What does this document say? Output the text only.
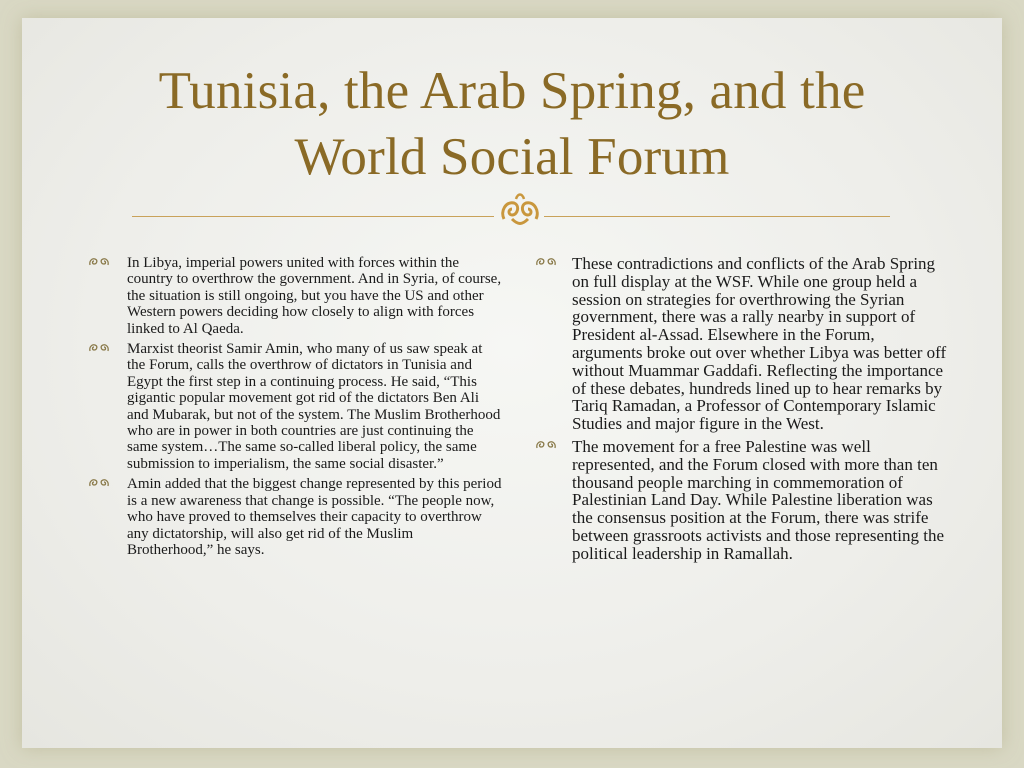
Tunisia, the Arab Spring, and the
World Social Forum
In Libya, imperial powers united with forces within the country to overthrow the government. And in Syria, of course, the situation is still ongoing, but you have the US and other Western powers deciding how closely to align with forces linked to Al Qaeda.
Marxist theorist Samir Amin, who many of us saw speak at the Forum, calls the overthrow of dictators in Tunisia and Egypt the first step in a continuing process. He said, “This gigantic popular movement got rid of the dictators Ben Ali and Mubarak, but not of the system. The Muslim Brotherhood who are in power in both countries are just continuing the same system…The same so-called liberal policy, the same submission to imperialism, the same social disaster.”
Amin added that the biggest change represented by this period is a new awareness that change is possible. “The people now, who have proved to themselves their capacity to overthrow any dictatorship, will also get rid of the Muslim Brotherhood,” he says.
These contradictions and conflicts of the Arab Spring on full display at the WSF. While one group held a session on strategies for overthrowing the Syrian government, there was a rally nearby in support of President al-Assad. Elsewhere in the Forum, arguments broke out over whether Libya was better off without Muammar Gaddafi. Reflecting the importance of these debates, hundreds lined up to hear remarks by Tariq Ramadan, a Professor of Contemporary Islamic Studies and major figure in the West.
The movement for a free Palestine was well represented, and the Forum closed with more than ten thousand people marching in commemoration of Palestinian Land Day. While Palestine liberation was the consensus position at the Forum, there was strife between grassroots activists and those representing the political leadership in Ramallah.
